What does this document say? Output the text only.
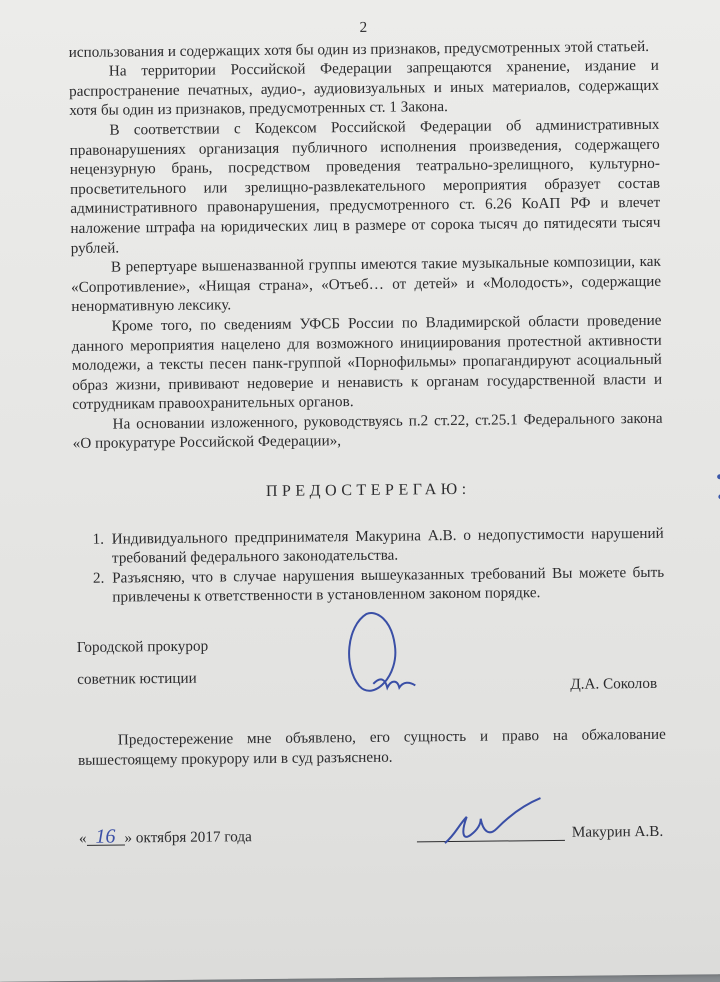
2

использования и содержащих хотя бы один из признаков, предусмотренных этой статьей.

На территории Российской Федерации запрещаются хранение, издание и распространение печатных, аудио-, аудиовизуальных и иных материалов, содержащих хотя бы один из признаков, предусмотренных ст. 1 Закона.

В соответствии с Кодексом Российской Федерации об административных правонарушениях организация публичного исполнения произведения, содержащего нецензурную брань, посредством проведения театрально-зрелищного, культурно-просветительного или зрелищно-развлекательного мероприятия образует состав административного правонарушения, предусмотренного ст. 6.26 КоАП РФ и влечет наложение штрафа на юридических лиц в размере от сорока тысяч до пятидесяти тысяч рублей.

В репертуаре вышеназванной группы имеются такие музыкальные композиции, как «Сопротивление», «Нищая страна», «Отъеб… от детей» и «Молодость», содержащие ненормативную лексику.

Кроме того, по сведениям УФСБ России по Владимирской области проведение данного мероприятия нацелено для возможного инициирования протестной активности молодежи, а тексты песен панк-группой «Порнофильмы» пропагандируют асоциальный образ жизни, прививают недоверие и ненависть к органам государственной власти и сотрудникам правоохранительных органов.

На основании изложенного, руководствуясь п.2 ст.22, ст.25.1 Федерального закона «О прокуратуре Российской Федерации»,

ПРЕДОСТЕРЕГАЮ:
1. Индивидуального предпринимателя Макурина А.В. о недопустимости нарушений требований федерального законодательства.
2. Разъясняю, что в случае нарушения вышеуказанных требований Вы можете быть привлечены к ответственности в установленном законом порядке.
Городской прокурор
советник юстиции	Д.А. Соколов
Предостережение мне объявлено, его сущность и право на обжалование вышестоящему прокурору или в суд разъяснено.
« 16 » октября 2017 года	Макурин А.В.
